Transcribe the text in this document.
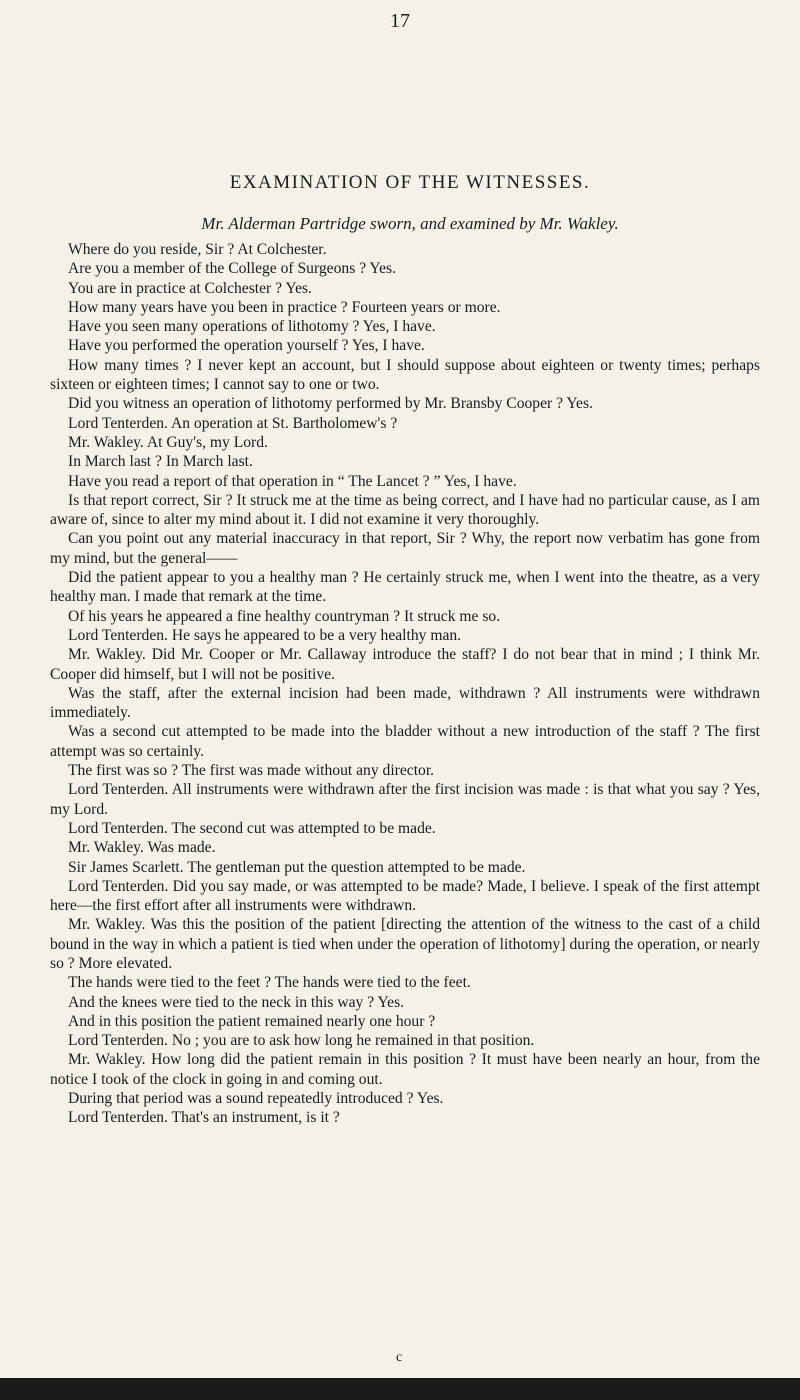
17
EXAMINATION OF THE WITNESSES.
Mr. Alderman Partridge sworn, and examined by Mr. Wakley.

Where do you reside, Sir ? At Colchester.

Are you a member of the College of Surgeons ? Yes.

You are in practice at Colchester ? Yes.

How many years have you been in practice ? Fourteen years or more.

Have you seen many operations of lithotomy ? Yes, I have.

Have you performed the operation yourself ? Yes, I have.

How many times ? I never kept an account, but I should suppose about eighteen or twenty times; perhaps sixteen or eighteen times; I cannot say to one or two.

Did you witness an operation of lithotomy performed by Mr. Bransby Cooper ? Yes.

Lord Tenterden. An operation at St. Bartholomew's ?

Mr. Wakley. At Guy's, my Lord.

In March last ? In March last.

Have you read a report of that operation in “ The Lancet ? ” Yes, I have.

Is that report correct, Sir ? It struck me at the time as being correct, and I have had no particular cause, as I am aware of, since to alter my mind about it. I did not examine it very thoroughly.

Can you point out any material inaccuracy in that report, Sir ? Why, the report now verbatim has gone from my mind, but the general——

Did the patient appear to you a healthy man ? He certainly struck me, when I went into the theatre, as a very healthy man. I made that remark at the time.

Of his years he appeared a fine healthy countryman ? It struck me so.

Lord Tenterden. He says he appeared to be a very healthy man.

Mr. Wakley. Did Mr. Cooper or Mr. Callaway introduce the staff? I do not bear that in mind ; I think Mr. Cooper did himself, but I will not be positive.

Was the staff, after the external incision had been made, withdrawn ? All instruments were withdrawn immediately.

Was a second cut attempted to be made into the bladder without a new introduction of the staff ? The first attempt was so certainly.

The first was so ? The first was made without any director.

Lord Tenterden. All instruments were withdrawn after the first incision was made : is that what you say ? Yes, my Lord.

Lord Tenterden. The second cut was attempted to be made.

Mr. Wakley. Was made.

Sir James Scarlett. The gentleman put the question attempted to be made.

Lord Tenterden. Did you say made, or was attempted to be made? Made, I believe. I speak of the first attempt here—the first effort after all instruments were withdrawn.

Mr. Wakley. Was this the position of the patient [directing the attention of the witness to the cast of a child bound in the way in which a patient is tied when under the operation of lithotomy] during the operation, or nearly so ? More elevated.

The hands were tied to the feet ? The hands were tied to the feet.

And the knees were tied to the neck in this way ? Yes.

And in this position the patient remained nearly one hour ?

Lord Tenterden. No ; you are to ask how long he remained in that position.

Mr. Wakley. How long did the patient remain in this position ? It must have been nearly an hour, from the notice I took of the clock in going in and coming out.

During that period was a sound repeatedly introduced ? Yes.

Lord Tenterden. That's an instrument, is it ?

c
